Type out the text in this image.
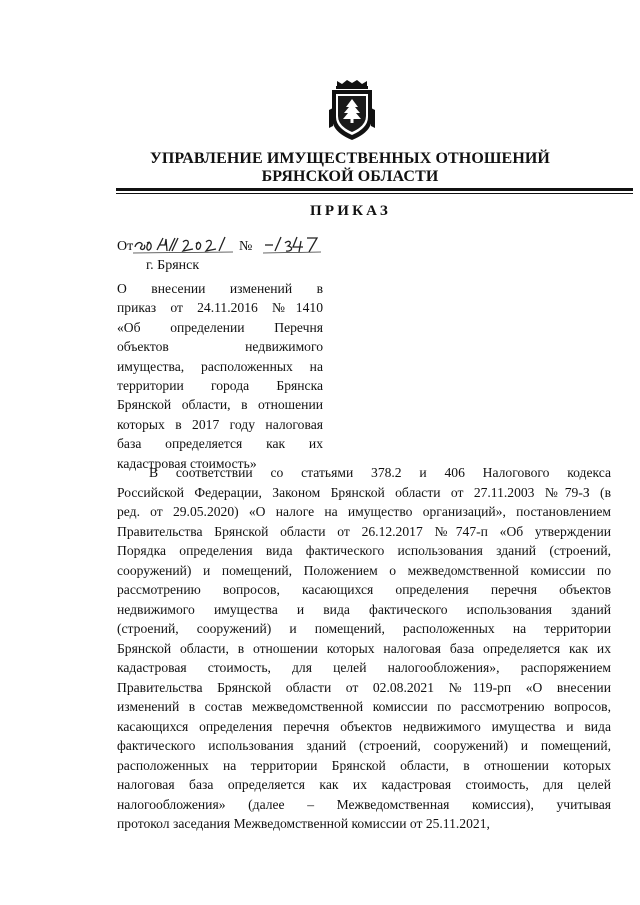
УПРАВЛЕНИЕ ИМУЩЕСТВЕННЫХ ОТНОШЕНИЙ
БРЯНСКОЙ ОБЛАСТИ
ПРИКАЗ
От	№
г. Брянск
О внесении изменений в
приказ от 24.11.2016 №1410
«Об определении Перечня
объектов недвижимого
имущества, расположенных на
территории города Брянска
Брянской области, в отношении
которых в 2017 году налоговая
база определяется как их
кадастровая стоимость»
В соответствии со статьями 378.2 и 406 Налогового кодекса
Российской Федерации, Законом Брянской области от 27.11.2003 №79-З (в
ред. от 29.05.2020) «О налоге на имущество организаций», постановлением
Правительства Брянской области от 26.12.2017 №747-п «Об утверждении
Порядка определения вида фактического использования зданий (строений,
сооружений) и помещений, Положением о межведомственной комиссии по
рассмотрению вопросов, касающихся определения перечня объектов
недвижимого имущества и вида фактического использования зданий
(строений, сооружений) и помещений, расположенных на территории
Брянской области, в отношении которых налоговая база определяется как их
кадастровая стоимость, для целей налогообложения», распоряжением
Правительства Брянской области от 02.08.2021 №119-рп «О внесении
изменений в состав межведомственной комиссии по рассмотрению вопросов,
касающихся определения перечня объектов недвижимого имущества и вида
фактического использования зданий (строений, сооружений) и помещений,
расположенных на территории Брянской области, в отношении которых
налоговая база определяется как их кадастровая стоимость, для целей
налогообложения» (далее – Межведомственная комиссия), учитывая
протокол заседания Межведомственной комиссии от 25.11.2021,
